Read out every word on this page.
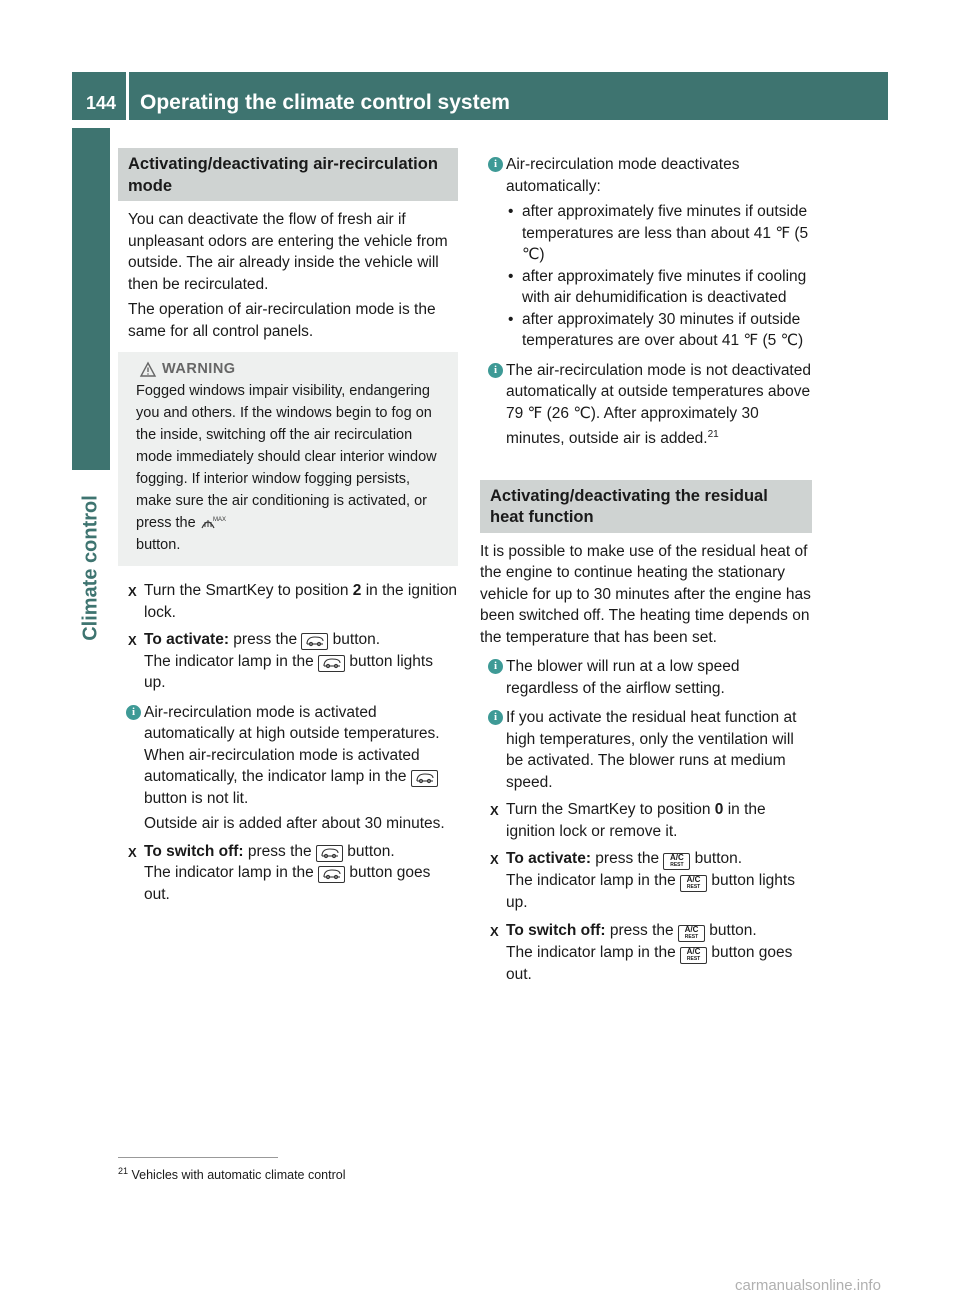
144	Operating the climate control system
Climate control
Activating/deactivating air-recirculation mode

You can deactivate the flow of fresh air if unpleasant odors are entering the vehicle from outside. The air already inside the vehicle will then be recirculated.

The operation of air-recirculation mode is the same for all control panels.

WARNING
Fogged windows impair visibility, endangering you and others. If the windows begin to fog on the inside, switching off the air recirculation mode immediately should clear interior window fogging. If interior window fogging persists, make sure the air conditioning is activated, or press the	MAX

button.
X Turn the SmartKey to position 2 in the ignition lock.
X To activate: press the  button.
The indicator lamp in the  button lights up.
i Air-recirculation mode is activated automatically at high outside temperatures. When air-recirculation mode is activated automatically, the indicator lamp in the  button is not lit.

Outside air is added after about 30 minutes.

X To switch off: press the  button.
The indicator lamp in the  button goes out.
i Air-recirculation mode deactivates automatically:

• after approximately five minutes if outside temperatures are less than about 41 ℉ (5 ℃)
• after approximately five minutes if cooling with air dehumidification is deactivated
• after approximately 30 minutes if outside temperatures are over about 41 ℉ (5 ℃)
i The air-recirculation mode is not deactivated automatically at outside temperatures above 79 ℉ (26 ℃). After approximately 30 minutes, outside air is added.$^{21}$

Activating/deactivating the residual heat function

It is possible to make use of the residual heat of the engine to continue heating the stationary vehicle for up to 30 minutes after the engine has been switched off. The heating time depends on the temperature that has been set.

i The blower will run at a low speed regardless of the airflow setting.

i If you activate the residual heat function at high temperatures, only the ventilation will be activated. The blower runs at medium speed.

X Turn the SmartKey to position 0 in the ignition lock or remove it.
X To activate: press the	A/C
REST button.
The indicator lamp in the	A/C
REST button lights up.
X To switch off: press the	A/C
REST button.
The indicator lamp in the	A/C
REST button goes out.
$^{21}$ Vehicles with automatic climate control
carmanualsonline.info
